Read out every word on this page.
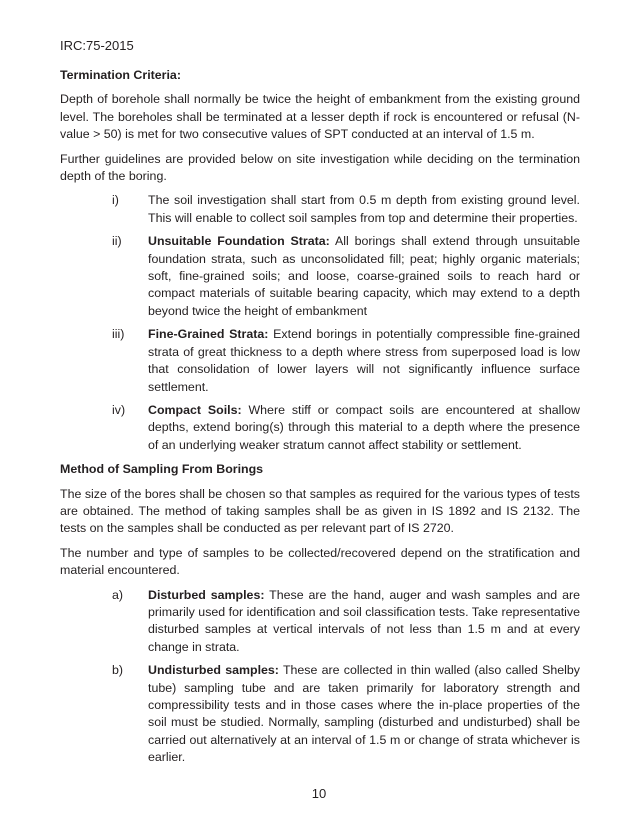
IRC:75-2015
Termination Criteria:
Depth of borehole shall normally be twice the height of embankment from the existing ground level. The boreholes shall be terminated at a lesser depth if rock is encountered or refusal (N-value > 50) is met for two consecutive values of SPT conducted at an interval of 1.5 m.
Further guidelines are provided below on site investigation while deciding on the termination depth of the boring.
i)	The soil investigation shall start from 0.5 m depth from existing ground level. This will enable to collect soil samples from top and determine their properties.
ii)	Unsuitable Foundation Strata: All borings shall extend through unsuitable foundation strata, such as unconsolidated fill; peat; highly organic materials; soft, fine-grained soils; and loose, coarse-grained soils to reach hard or compact materials of suitable bearing capacity, which may extend to a depth beyond twice the height of embankment
iii)	Fine-Grained Strata: Extend borings in potentially compressible fine-grained strata of great thickness to a depth where stress from superposed load is low that consolidation of lower layers will not significantly influence surface settlement.
iv)	Compact Soils: Where stiff or compact soils are encountered at shallow depths, extend boring(s) through this material to a depth where the presence of an underlying weaker stratum cannot affect stability or settlement.
Method of Sampling From Borings
The size of the bores shall be chosen so that samples as required for the various types of tests are obtained. The method of taking samples shall be as given in IS 1892 and IS 2132. The tests on the samples shall be conducted as per relevant part of IS 2720.
The number and type of samples to be collected/recovered depend on the stratification and material encountered.
a)	Disturbed samples: These are the hand, auger and wash samples and are primarily used for identification and soil classification tests. Take representative disturbed samples at vertical intervals of not less than 1.5 m and at every change in strata.
b)	Undisturbed samples: These are collected in thin walled (also called Shelby tube) sampling tube and are taken primarily for laboratory strength and compressibility tests and in those cases where the in-place properties of the soil must be studied. Normally, sampling (disturbed and undisturbed) shall be carried out alternatively at an interval of 1.5 m or change of strata whichever is earlier.
10
